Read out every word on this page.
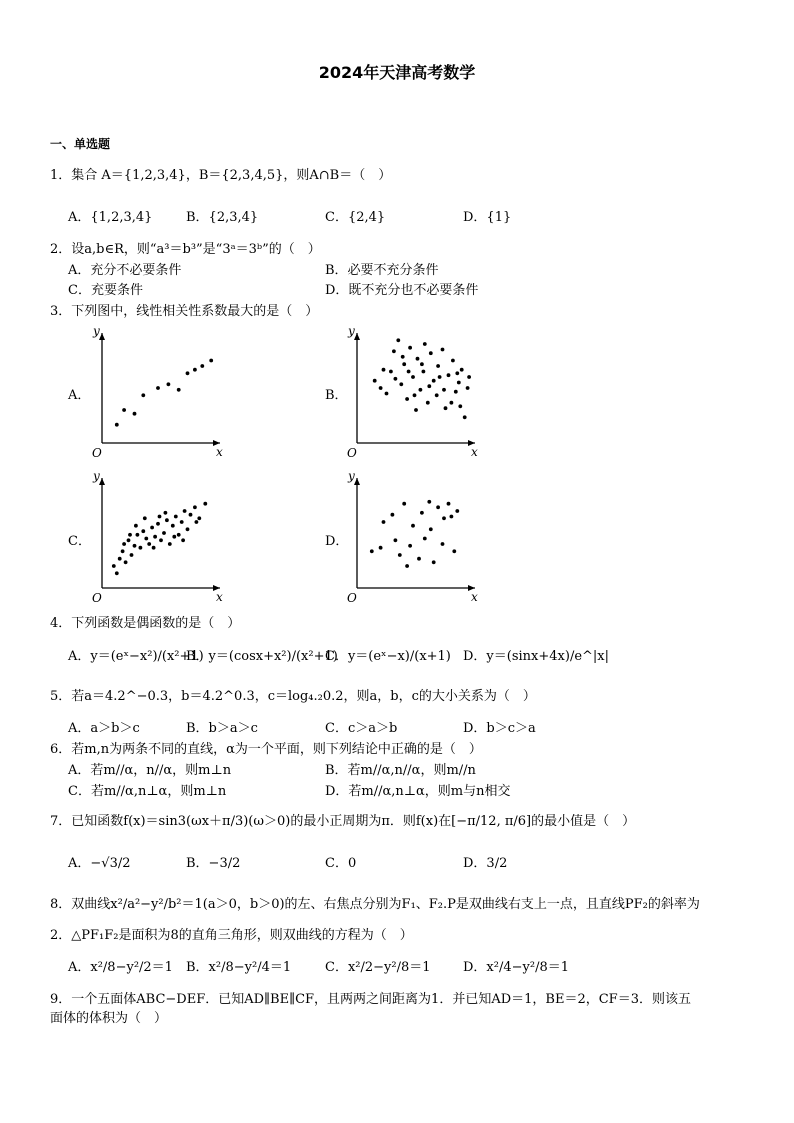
2024年天津高考数学
一、单选题
1．集合 A＝{1,2,3,4}，B＝{2,3,4,5}，则A∩B＝（　）
A．{1,2,3,4}	B．{2,3,4}	C．{2,4}	D．{1}
2．设a,b∈R，则“a³＝b³”是“3ᵃ＝3ᵇ”的（　）
A．充分不必要条件	B．必要不充分条件
C．充要条件	D．既不充分也不必要条件
3．下列图中，线性相关性系数最大的是（　）
A．	B．
C．	D．
y
x
O
y
x
O
y
x
O
y
x
O
4．下列函数是偶函数的是（　）
A．y＝(eˣ−x²)/(x²+1)
B．y＝(cosx+x²)/(x²+1)
C．y＝(eˣ−x)/(x+1) D．y＝(sinx+4x)/e^|x|
5．若a＝4.2^−0.3，b＝4.2^0.3，c＝log₄.₂0.2，则a，b，c的大小关系为（　）
A．a＞b＞c	B．b＞a＞c	C．c＞a＞b	D．b＞c＞a
6．若m,n为两条不同的直线，α为一个平面，则下列结论中正确的是（　）
A．若m//α，n//α，则m⊥n	B．若m//α,n//α，则m//n
C．若m//α,n⊥α，则m⊥n	D．若m//α,n⊥α，则m与n相交
7．已知函数f(x)＝sin3(ωx＋π/3)(ω＞0)的最小正周期为π．则f(x)在[−π/12, π/6]的最小值是（　）
A．−√3/2	B．−3/2	C．0	D．3/2
8．双曲线x²/a²−y²/b²＝1(a＞0，b＞0)的左、右焦点分别为F₁、F₂.P是双曲线右支上一点，且直线PF₂的斜率为
2．△PF₁F₂是面积为8的直角三角形，则双曲线的方程为（　）
A．x²/8−y²/2＝1 B．x²/8−y²/4＝1	C．x²/2−y²/8＝1 D．x²/4−y²/8＝1
9．一个五面体ABC−DEF．已知AD∥BE∥CF，且两两之间距离为1．并已知AD＝1，BE＝2，CF＝3．则该五
面体的体积为（　）
